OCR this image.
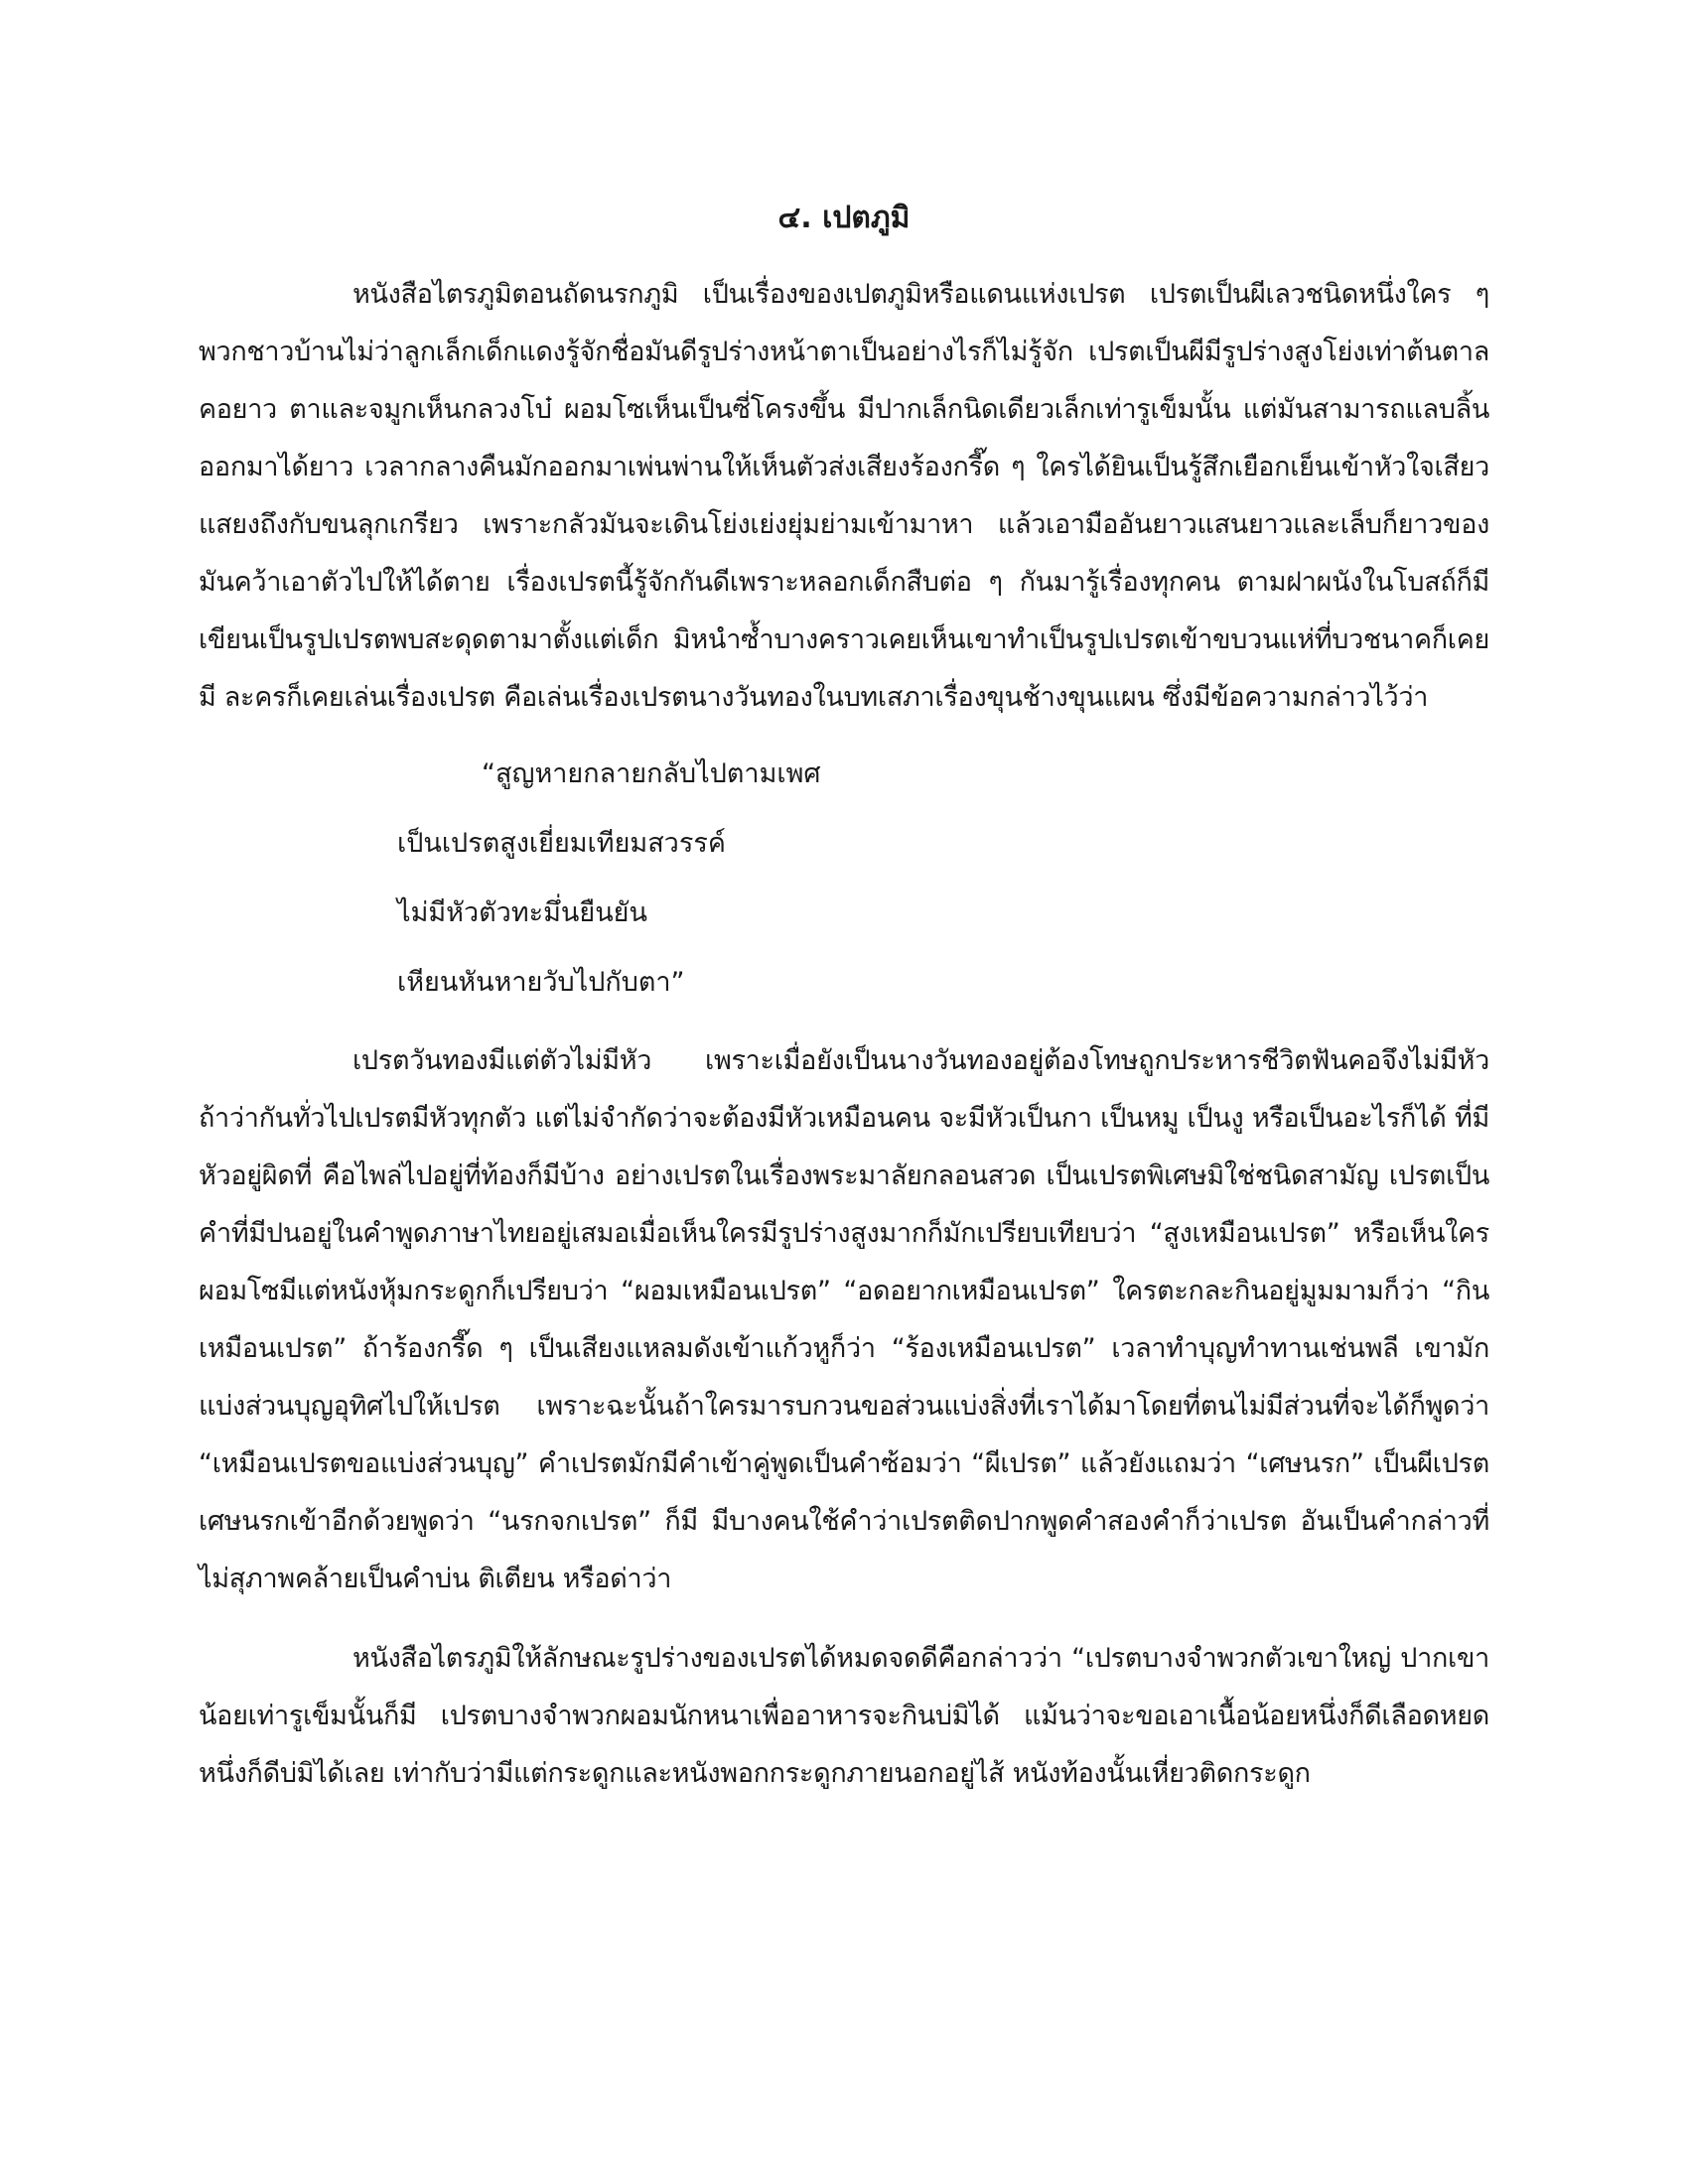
๔. เปตภูมิ

หนังสือไตรภูมิตอนถัดนรกภูมิ เป็นเรื่องของเปตภูมิหรือแดนแห่งเปรต เปรตเป็นผีเลวชนิดหนึ่งใคร ๆ พวกชาวบ้านไม่ว่าลูกเล็กเด็กแดงรู้จักชื่อมันดีรูปร่างหน้าตาเป็นอย่างไรก็ไม่รู้จัก เปรตเป็นผีมีรูปร่างสูงโย่งเท่าต้นตาล คอยาว ตาและจมูกเห็นกลวงโบ๋ ผอมโซเห็นเป็นซี่โครงขึ้น มีปากเล็กนิดเดียวเล็กเท่ารูเข็มนั้น แต่มันสามารถแลบลิ้นออกมาได้ยาว เวลากลางคืนมักออกมาเพ่นพ่านให้เห็นตัวส่งเสียงร้องกรี๊ด ๆ ใครได้ยินเป็นรู้สึกเยือกเย็นเข้าหัวใจเสียวแสยงถึงกับขนลุกเกรียว เพราะกลัวมันจะเดินโย่งเย่งยุ่มย่ามเข้ามาหา แล้วเอามืออันยาวแสนยาวและเล็บก็ยาวของมันคว้าเอาตัวไปให้ได้ตาย เรื่องเปรตนี้รู้จักกันดีเพราะหลอกเด็กสืบต่อ ๆ กันมารู้เรื่องทุกคน ตามฝาผนังในโบสถ์ก็มีเขียนเป็นรูปเปรตพบสะดุดตามาตั้งแต่เด็ก มิหนำซ้ำบางคราวเคยเห็นเขาทำเป็นรูปเปรตเข้าขบวนแห่ที่บวชนาคก็เคยมี ละครก็เคยเล่นเรื่องเปรต คือเล่นเรื่องเปรตนางวันทองในบทเสภาเรื่องขุนช้างขุนแผน ซึ่งมีข้อความกล่าวไว้ว่า

“สูญหายกลายกลับไปตามเพศ
เป็นเปรตสูงเยี่ยมเทียมสวรรค์
ไม่มีหัวตัวทะมึ่นยืนยัน
เหียนหันหายวับไปกับตา”

เปรตวันทองมีแต่ตัวไม่มีหัว เพราะเมื่อยังเป็นนางวันทองอยู่ต้องโทษถูกประหารชีวิตฟันคอจึงไม่มีหัว ถ้าว่ากันทั่วไปเปรตมีหัวทุกตัว แต่ไม่จำกัดว่าจะต้องมีหัวเหมือนคน จะมีหัวเป็นกา เป็นหมู เป็นงู หรือเป็นอะไรก็ได้ ที่มีหัวอยู่ผิดที่ คือไพล่ไปอยู่ที่ท้องก็มีบ้าง อย่างเปรตในเรื่องพระมาลัยกลอนสวด เป็นเปรตพิเศษมิใช่ชนิดสามัญ เปรตเป็นคำที่มีปนอยู่ในคำพูดภาษาไทยอยู่เสมอเมื่อเห็นใครมีรูปร่างสูงมากก็มักเปรียบเทียบว่า “สูงเหมือนเปรต” หรือเห็นใครผอมโซมีแต่หนังหุ้มกระดูกก็เปรียบว่า “ผอมเหมือนเปรต” “อดอยากเหมือนเปรต” ใครตะกละกินอยู่มูมมามก็ว่า “กินเหมือนเปรต” ถ้าร้องกรี๊ด ๆ เป็นเสียงแหลมดังเข้าแก้วหูก็ว่า “ร้องเหมือนเปรต” เวลาทำบุญทำทานเช่นพลี เขามักแบ่งส่วนบุญอุทิศไปให้เปรต เพราะฉะนั้นถ้าใครมารบกวนขอส่วนแบ่งสิ่งที่เราได้มาโดยที่ตนไม่มีส่วนที่จะได้ก็พูดว่า “เหมือนเปรตขอแบ่งส่วนบุญ” คำเปรตมักมีคำเข้าคู่พูดเป็นคำซ้อมว่า “ผีเปรต” แล้วยังแถมว่า “เศษนรก” เป็นผีเปรตเศษนรกเข้าอีกด้วยพูดว่า “นรกจกเปรต” ก็มี มีบางคนใช้คำว่าเปรตติดปากพูดคำสองคำก็ว่าเปรต อันเป็นคำกล่าวที่ไม่สุภาพคล้ายเป็นคำบ่น ติเตียน หรือด่าว่า

หนังสือไตรภูมิให้ลักษณะรูปร่างของเปรตได้หมดจดดีคือกล่าวว่า “เปรตบางจำพวกตัวเขาใหญ่ ปากเขาน้อยเท่ารูเข็มนั้นก็มี เปรตบางจำพวกผอมนักหนาเพื่ออาหารจะกินบ่มิได้ แม้นว่าจะขอเอาเนื้อน้อยหนึ่งก็ดีเลือดหยดหนึ่งก็ดีบ่มิได้เลย เท่ากับว่ามีแต่กระดูกและหนังพอกกระดูกภายนอกอยู่ไส้ หนังท้องนั้นเหี่ยวติดกระดูก
